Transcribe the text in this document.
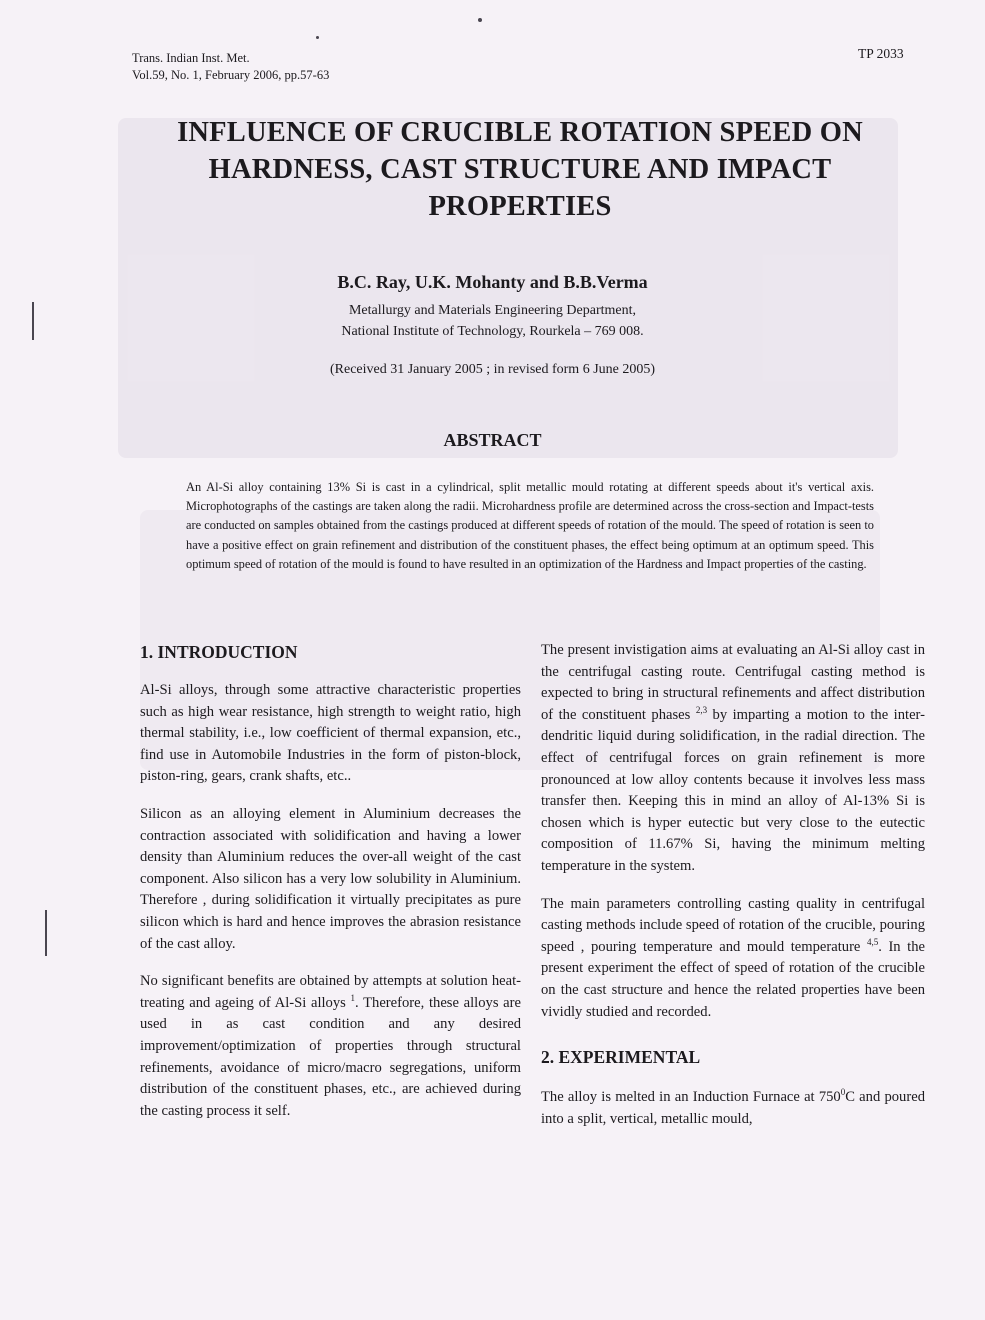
Trans. Indian Inst. Met.
Vol.59, No. 1, February 2006, pp.57-63
TP 2033
INFLUENCE OF CRUCIBLE ROTATION SPEED ON HARDNESS, CAST STRUCTURE AND IMPACT PROPERTIES
B.C. Ray, U.K. Mohanty and B.B.Verma
Metallurgy and Materials Engineering Department,
National Institute of Technology, Rourkela – 769 008.
(Received 31 January 2005 ; in revised form 6 June 2005)
ABSTRACT
An Al-Si alloy containing 13% Si is cast in a cylindrical, split metallic mould rotating at different speeds about it's vertical axis. Microphotographs of the castings are taken along the radii. Microhardness profile are determined across the cross-section and Impact-tests are conducted on samples obtained from the castings produced at different speeds of rotation of the mould. The speed of rotation is seen to have a positive effect on grain refinement and distribution of the constituent phases, the effect being optimum at an optimum speed. This optimum speed of rotation of the mould is found to have resulted in an optimization of the Hardness and Impact properties of the casting.
1. INTRODUCTION

Al-Si alloys, through some attractive characteristic properties such as high wear resistance, high strength to weight ratio, high thermal stability, i.e., low coefficient of thermal expansion, etc., find use in Automobile Industries in the form of piston-block, piston-ring, gears, crank shafts, etc..

Silicon as an alloying element in Aluminium decreases the contraction associated with solidification and having a lower density than Aluminium reduces the over-all weight of the cast component. Also silicon has a very low solubility in Aluminium. Therefore , during solidification it virtually precipitates as pure silicon which is hard and hence improves the abrasion resistance of the cast alloy.

No significant benefits are obtained by attempts at solution heat-treating and ageing of Al-Si alloys $^1$. Therefore, these alloys are used in as cast condition and any desired improvement/optimization of properties through structural refinements, avoidance of micro/macro segregations, uniform distribution of the constituent phases, etc., are achieved during the casting process it self.

The present invistigation aims at evaluating an Al-Si alloy cast in the centrifugal casting route. Centrifugal casting method is expected to bring in structural refinements and affect distribution of the constituent phases $^{2,3}$ by imparting a motion to the inter-dendritic liquid during solidification, in the radial direction. The effect of centrifugal forces on grain refinement is more pronounced at low alloy contents because it involves less mass transfer then. Keeping this in mind an alloy of Al-13% Si is chosen which is hyper eutectic but very close to the eutectic composition of 11.67% Si, having the minimum melting temperature in the system.

The main parameters controlling casting quality in centrifugal casting methods include speed of rotation of the crucible, pouring speed , pouring temperature and mould temperature $^{4,5}$. In the present experiment the effect of speed of rotation of the crucible on the cast structure and hence the related properties have been vividly studied and recorded.

2. EXPERIMENTAL

The alloy is melted in an Induction Furnace at 750$^0$C and poured into a split, vertical, metallic mould,
